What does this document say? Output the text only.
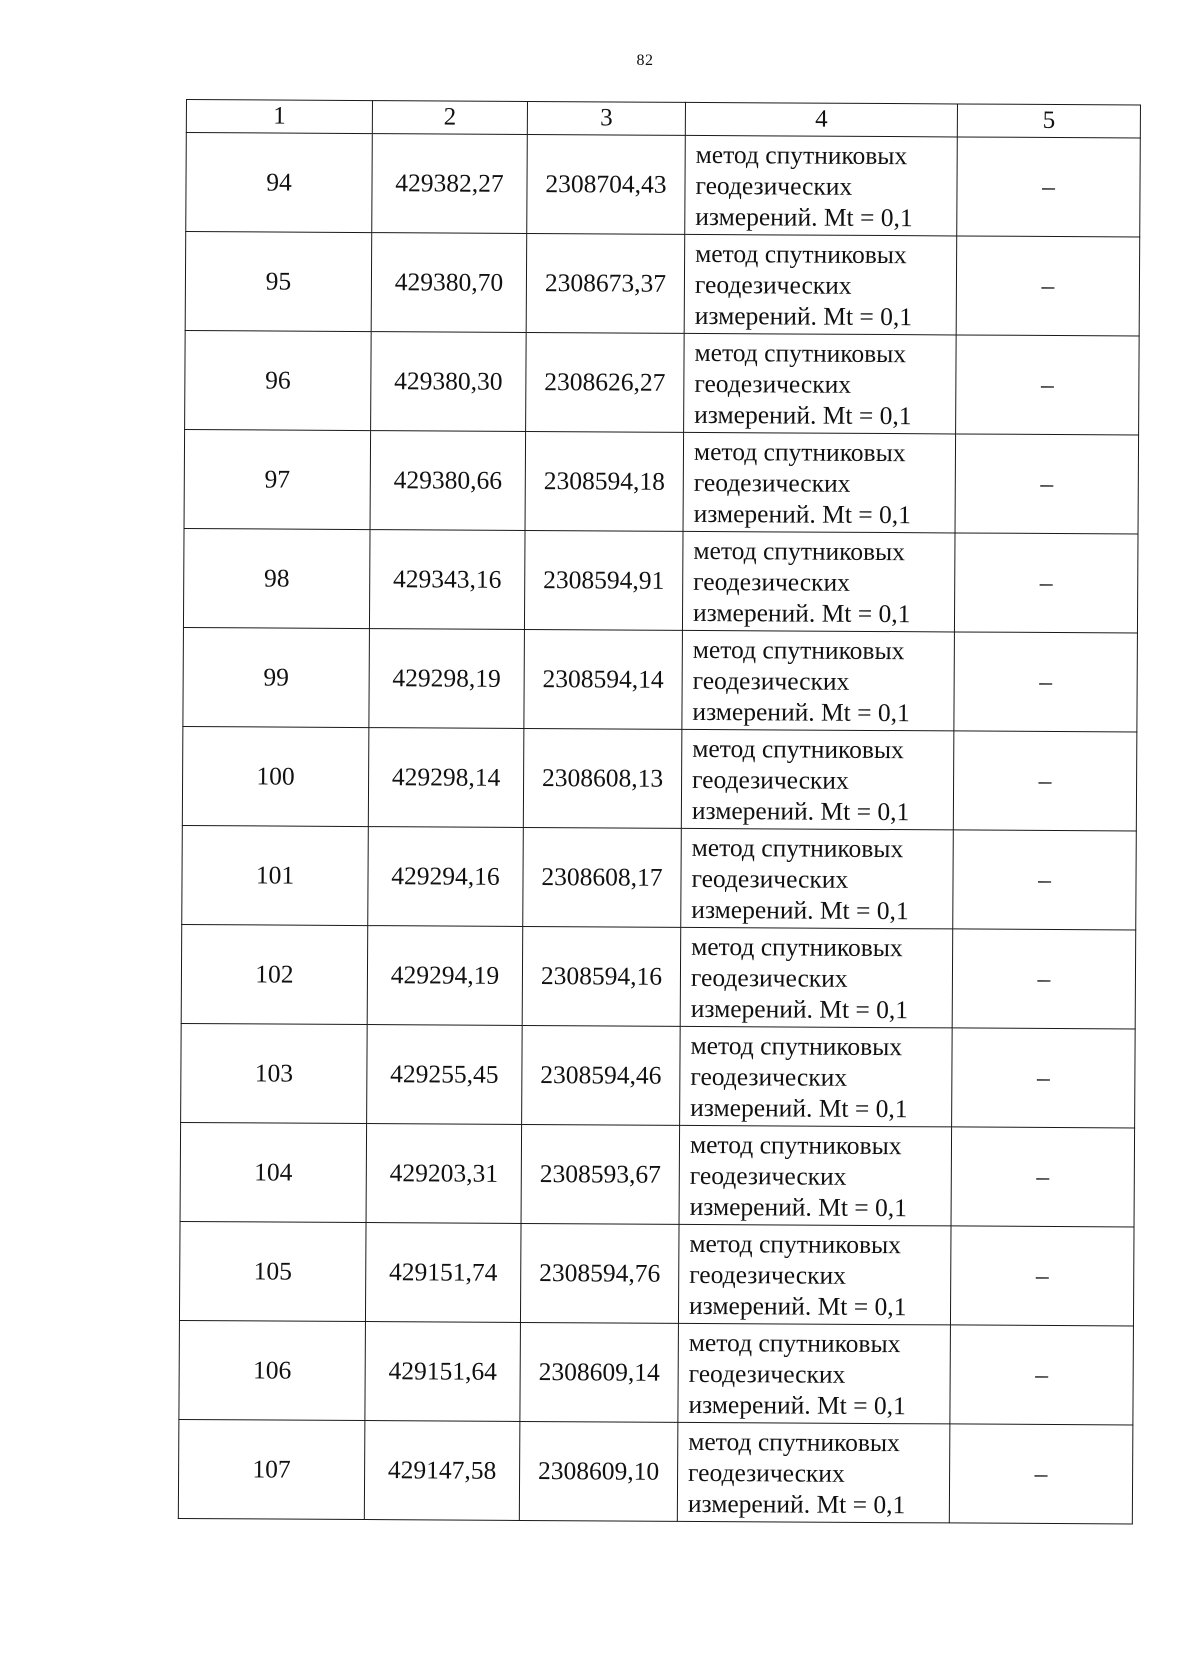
82
1	2	3	4	5
94	429382,27	2308704,43	метод спутниковых
геодезических
измерений. Mt = 0,1	–
95	429380,70	2308673,37	метод спутниковых
геодезических
измерений. Mt = 0,1	–
96	429380,30	2308626,27	метод спутниковых
геодезических
измерений. Mt = 0,1	–
97	429380,66	2308594,18	метод спутниковых
геодезических
измерений. Mt = 0,1	–
98	429343,16	2308594,91	метод спутниковых
геодезических
измерений. Mt = 0,1	–
99	429298,19	2308594,14	метод спутниковых
геодезических
измерений. Mt = 0,1	–
100	429298,14	2308608,13	метод спутниковых
геодезических
измерений. Mt = 0,1	–
101	429294,16	2308608,17	метод спутниковых
геодезических
измерений. Mt = 0,1	–
102	429294,19	2308594,16	метод спутниковых
геодезических
измерений. Mt = 0,1	–
103	429255,45	2308594,46	метод спутниковых
геодезических
измерений. Mt = 0,1	–
104	429203,31	2308593,67	метод спутниковых
геодезических
измерений. Mt = 0,1	–
105	429151,74	2308594,76	метод спутниковых
геодезических
измерений. Mt = 0,1	–
106	429151,64	2308609,14	метод спутниковых
геодезических
измерений. Mt = 0,1	–
107	429147,58	2308609,10	метод спутниковых
геодезических
измерений. Mt = 0,1	–
